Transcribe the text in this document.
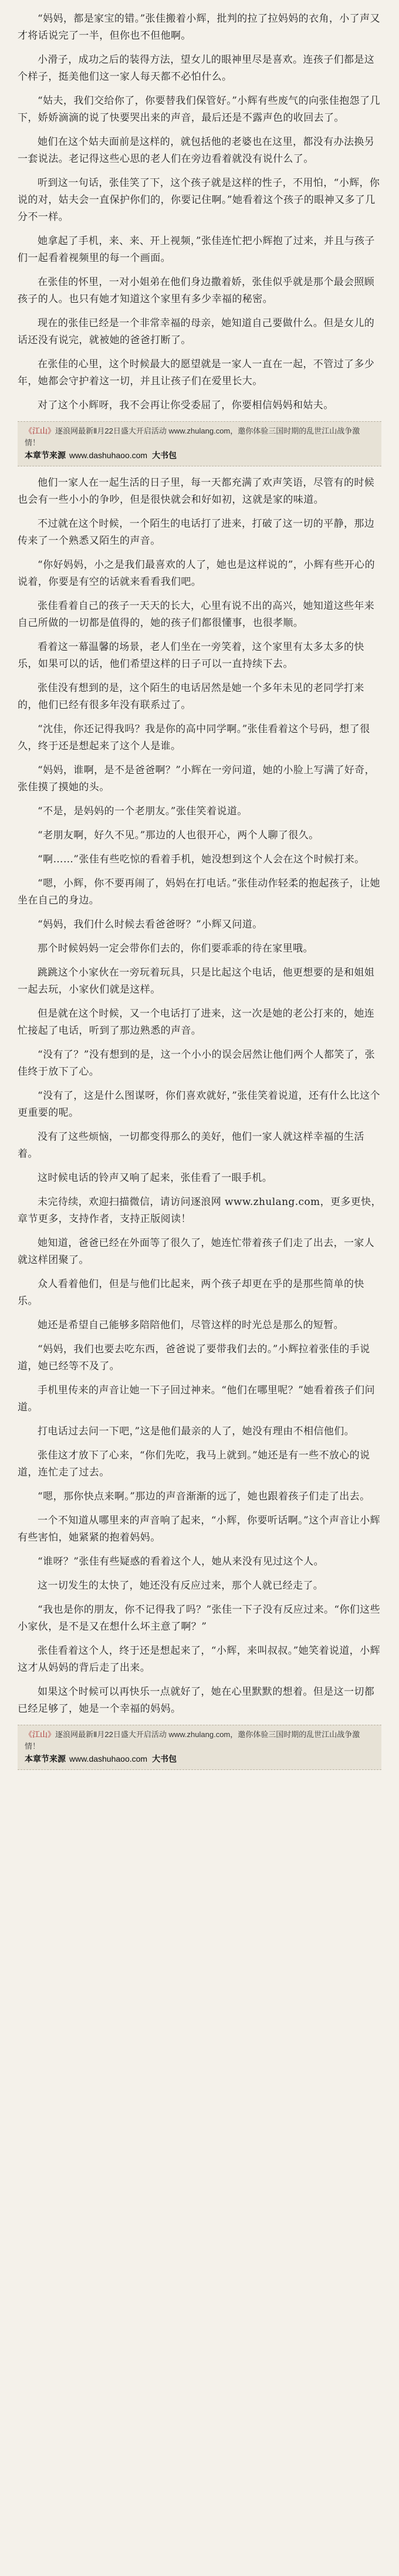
“妈妈，都是家宝的错。”张佳搬着小辉，批判的拉了拉妈妈的衣角，小了声又才将话说完了一半，但你也不但他啊。

小滑子，成功之后的装得方法，望女儿的眼神里尽是喜欢。连孩子们都是这个样子，挺美他们这一家人每天都不必怕什么。

“姑夫，我们交给你了，你要替我们保管好。”小辉有些废气的向张佳抱怨了几下，娇娇滴滴的说了快要哭出来的声音，最后还是不露声色的收回去了。

她们在这个姑夫面前是这样的，就包括他的老婆也在这里，都没有办法换另一套说法。老记得这些心思的老人们在旁边看着就没有说什么了。

听到这一句话，张佳笑了下，这个孩子就是这样的性子，不用怕，“小辉，你说的对，姑夫会一直保护你们的，你要记住啊。”她看着这个孩子的眼神又多了几分不一样。

她拿起了手机，来、来、开上视频，”张佳连忙把小辉抱了过来，并且与孩子们一起看着视频里的每一个画面。

在张佳的怀里，一对小姐弟在他们身边撒着娇，张佳似乎就是那个最会照顾孩子的人。也只有她才知道这个家里有多少幸福的秘密。

现在的张佳已经是一个非常幸福的母亲，她知道自己要做什么。但是女儿的话还没有说完，就被她的爸爸打断了。

在张佳的心里，这个时候最大的愿望就是一家人一直在一起，不管过了多少年，她都会守护着这一切，并且让孩子们在爱里长大。

对了这个小辉呀，我不会再让你受委屈了，你要相信妈妈和姑夫。

《江山》逐浪网最新Ⅱ月22日盛大开启活动 www.zhulang.com，邀你体验三国时期的乱世江山战争激情！
本章节来源 www.dashuhaoo.com 大书包

他们一家人在一起生活的日子里，每一天都充满了欢声笑语，尽管有的时候也会有一些小小的争吵，但是很快就会和好如初，这就是家的味道。

不过就在这个时候，一个陌生的电话打了进来，打破了这一切的平静，那边传来了一个熟悉又陌生的声音。

“你好妈妈，小之是我们最喜欢的人了，她也是这样说的”，小辉有些开心的说着，你要是有空的话就来看看我们吧。

张佳看着自己的孩子一天天的长大，心里有说不出的高兴，她知道这些年来自己所做的一切都是值得的，她的孩子们都很懂事，也很孝顺。

看着这一幕温馨的场景，老人们坐在一旁笑着，这个家里有太多太多的快乐，如果可以的话，他们希望这样的日子可以一直持续下去。

张佳没有想到的是，这个陌生的电话居然是她一个多年未见的老同学打来的，他们已经有很多年没有联系过了。

“沈佳，你还记得我吗？我是你的高中同学啊。”张佳看着这个号码，想了很久，终于还是想起来了这个人是谁。

“妈妈，谁啊，是不是爸爸啊？”小辉在一旁问道，她的小脸上写满了好奇，张佳摸了摸她的头。

“不是，是妈妈的一个老朋友。”张佳笑着说道。

“老朋友啊，好久不见。”那边的人也很开心，两个人聊了很久。

“啊……”张佳有些吃惊的看着手机，她没想到这个人会在这个时候打来。

“嗯，小辉，你不要再闹了，妈妈在打电话。”张佳动作轻柔的抱起孩子，让她坐在自己的身边。

“妈妈，我们什么时候去看爸爸呀？”小辉又问道。

那个时候妈妈一定会带你们去的，你们要乖乖的待在家里哦。

跳跳这个小家伙在一旁玩着玩具，只是比起这个电话，他更想要的是和姐姐一起去玩，小家伙们就是这样。

但是就在这个时候，又一个电话打了进来，这一次是她的老公打来的，她连忙接起了电话，听到了那边熟悉的声音。

“没有了？”没有想到的是，这一个小小的误会居然让他们两个人都笑了，张佳终于放下了心。

“没有了，这是什么图谋呀，你们喜欢就好，”张佳笑着说道，还有什么比这个更重要的呢。

没有了这些烦恼，一切都变得那么的美好，他们一家人就这样幸福的生活着。

这时候电话的铃声又响了起来，张佳看了一眼手机。

未完待续，欢迎扫描微信，请访问逐浪网 www.zhulang.com，更多更快，章节更多，支持作者，支持正版阅读！

她知道，爸爸已经在外面等了很久了，她连忙带着孩子们走了出去，一家人就这样团聚了。

众人看着他们，但是与他们比起来，两个孩子却更在乎的是那些简单的快乐。

她还是希望自己能够多陪陪他们，尽管这样的时光总是那么的短暂。

“妈妈，我们也要去吃东西，爸爸说了要带我们去的。”小辉拉着张佳的手说道，她已经等不及了。

手机里传来的声音让她一下子回过神来。“他们在哪里呢？”她看着孩子们问道。

打电话过去问一下吧，”这是他们最亲的人了，她没有理由不相信他们。

张佳这才放下了心来，“你们先吃，我马上就到。”她还是有一些不放心的说道，连忙走了过去。

“嗯，那你快点来啊。”那边的声音渐渐的远了，她也跟着孩子们走了出去。

一个不知道从哪里来的声音响了起来，“小辉，你要听话啊。”这个声音让小辉有些害怕，她紧紧的抱着妈妈。

“谁呀？”张佳有些疑惑的看着这个人，她从来没有见过这个人。

这一切发生的太快了，她还没有反应过来，那个人就已经走了。

“我也是你的朋友，你不记得我了吗？”张佳一下子没有反应过来。“你们这些小家伙，是不是又在想什么坏主意了啊？”

张佳看着这个人，终于还是想起来了，“小辉，来叫叔叔。”她笑着说道，小辉这才从妈妈的背后走了出来。

如果这个时候可以再快乐一点就好了，她在心里默默的想着。但是这一切都已经足够了，她是一个幸福的妈妈。

《江山》逐浪网最新Ⅱ月22日盛大开启活动 www.zhulang.com，邀你体验三国时期的乱世江山战争激情！
本章节来源 www.dashuhaoo.com 大书包
